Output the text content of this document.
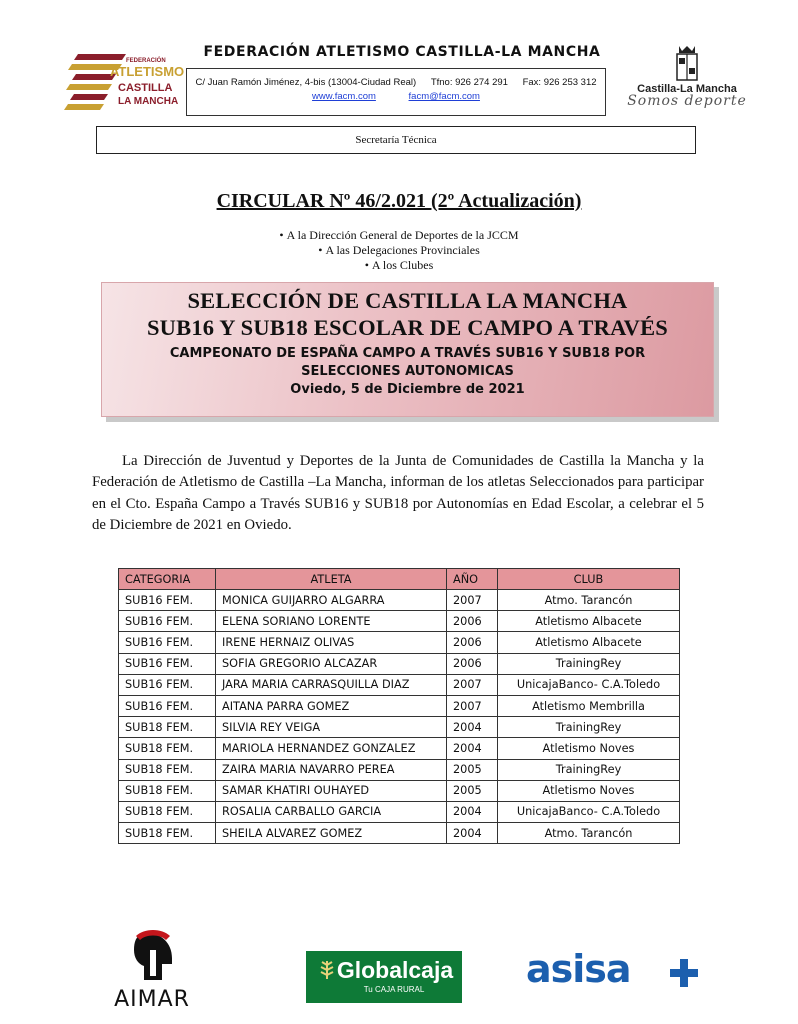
FEDERACIÓN
ATLETISMO
CASTILLA
LA MANCHA
FEDERACIÓN ATLETISMO CASTILLA-LA MANCHA
C/ Juan Ramón Jiménez, 4-bis (13004-Ciudad Real) Tfno: 926 274 291 Fax: 926 253 312
www.facm.com	facm@facm.com
Castilla-La Mancha
Somos deporte
Secretaría Técnica
CIRCULAR Nº 46/2.021 (2º Actualización)
• A la Dirección General de Deportes de la JCCM
• A las Delegaciones Provinciales
• A los Clubes
SELECCIÓN DE CASTILLA LA MANCHA
SUB16 Y SUB18 ESCOLAR DE CAMPO A TRAVÉS
CAMPEONATO DE ESPAÑA CAMPO A TRAVÉS SUB16 Y SUB18 POR
SELECCIONES AUTONOMICAS
Oviedo, 5 de Diciembre de 2021
La Dirección de Juventud y Deportes de la Junta de Comunidades de Castilla la Mancha y la Federación de Atletismo de Castilla –La Mancha, informan de los atletas Seleccionados para participar en el Cto. España Campo a Través SUB16 y SUB18 por Autonomías en Edad Escolar, a celebrar el 5 de Diciembre de 2021 en Oviedo.
CATEGORIA	ATLETA	AÑO	CLUB
SUB16 FEM.	MONICA GUIJARRO ALGARRA	2007	Atmo. Tarancón
SUB16 FEM.	ELENA SORIANO LORENTE	2006	Atletismo Albacete
SUB16 FEM.	IRENE HERNAIZ OLIVAS	2006	Atletismo Albacete
SUB16 FEM.	SOFIA GREGORIO ALCAZAR	2006	TrainingRey
SUB16 FEM.	JARA MARIA CARRASQUILLA DIAZ	2007	UnicajaBanco- C.A.Toledo
SUB16 FEM.	AITANA PARRA GOMEZ	2007	Atletismo Membrilla
SUB18 FEM.	SILVIA REY VEIGA	2004	TrainingRey
SUB18 FEM.	MARIOLA HERNANDEZ GONZALEZ	2004	Atletismo Noves
SUB18 FEM.	ZAIRA MARIA NAVARRO PEREA	2005	TrainingRey
SUB18 FEM.	SAMAR KHATIRI OUHAYED	2005	Atletismo Noves
SUB18 FEM.	ROSALIA CARBALLO GARCIA	2004	UnicajaBanco- C.A.Toledo
SUB18 FEM.	SHEILA ALVAREZ GOMEZ	2004	Atmo. Tarancón
AIMAR
Globalcaja
Tu CAJA RURAL	asisa
